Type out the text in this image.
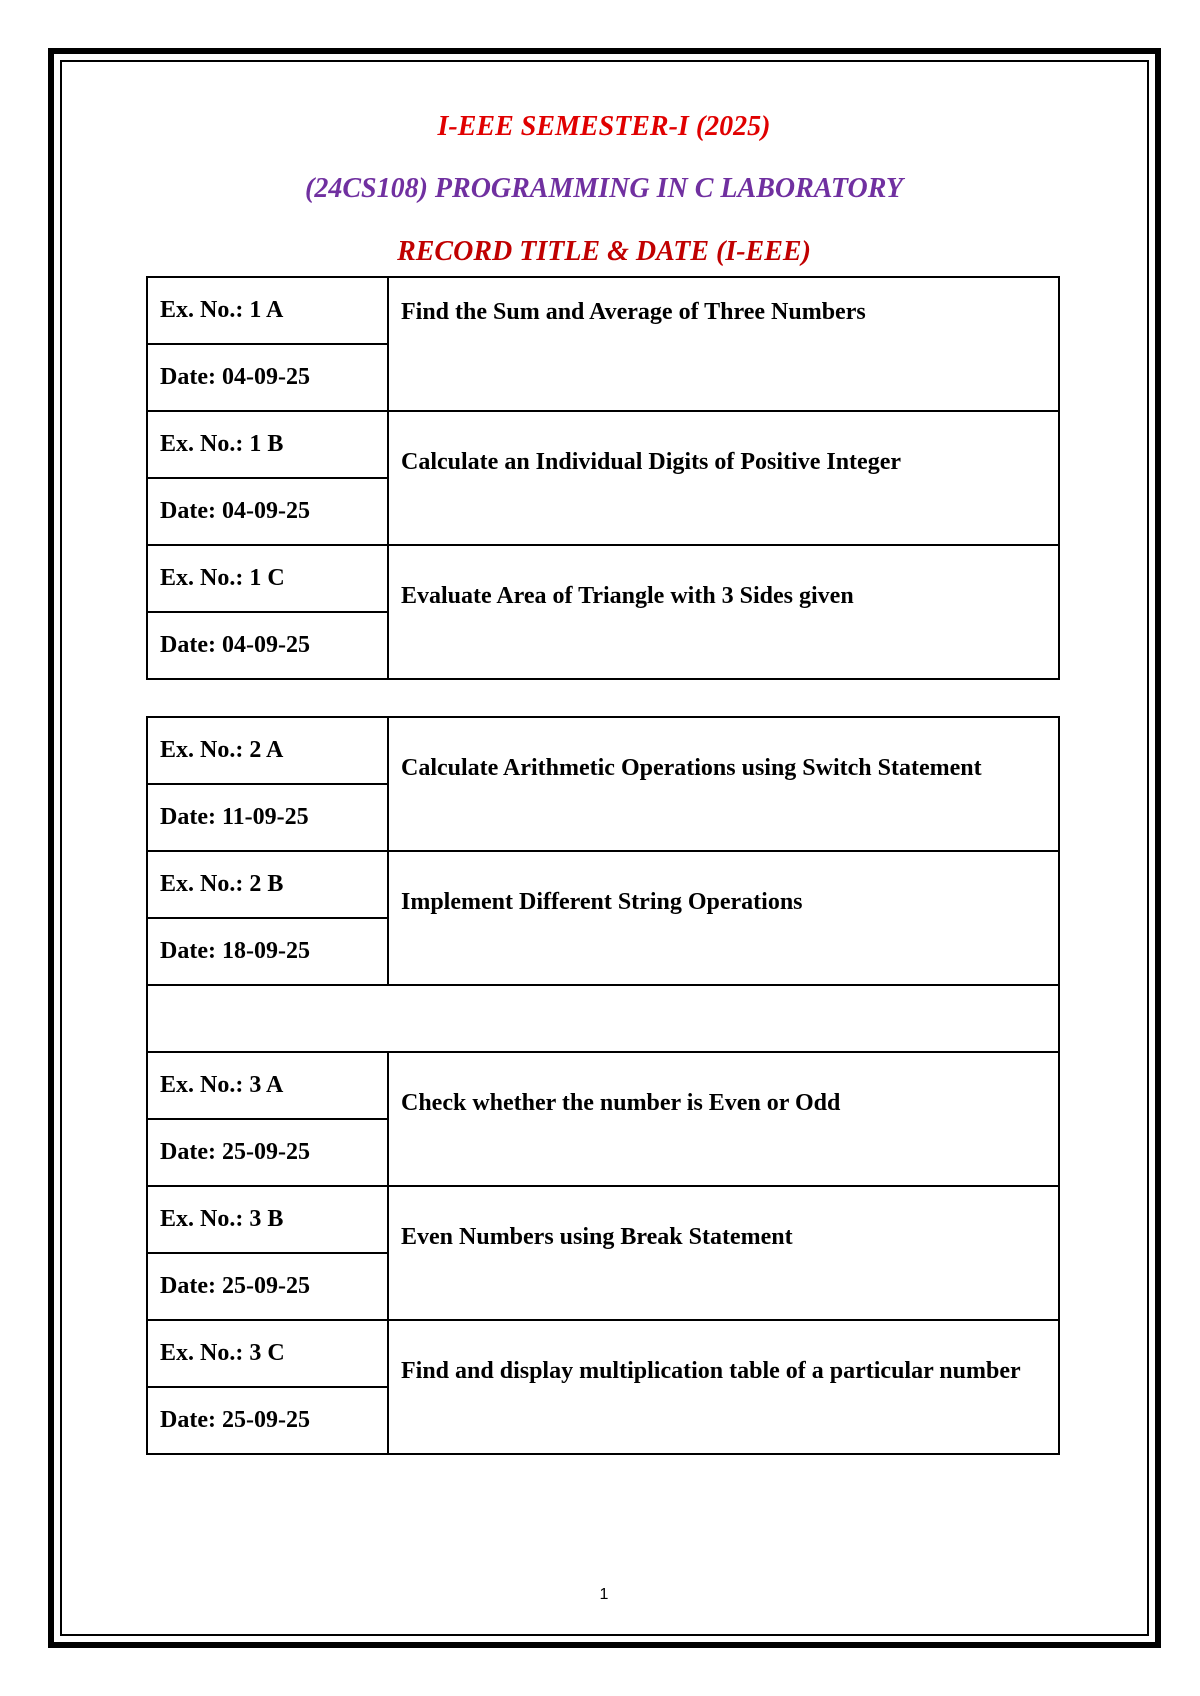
I-EEE SEMESTER-I (2025)
(24CS108) PROGRAMMING IN C LABORATORY
RECORD TITLE & DATE (I-EEE)
Ex. No.: 1 A	Find the Sum and Average of Three Numbers
Date: 04-09-25	
Ex. No.: 1 B	Calculate an Individual Digits of Positive Integer
Date: 04-09-25	
Ex. No.: 1 C	Evaluate Area of Triangle with 3 Sides given
Date: 04-09-25	
Ex. No.: 2 A	Calculate Arithmetic Operations using Switch Statement
Date: 11-09-25	
Ex. No.: 2 B	Implement Different String Operations
Date: 18-09-25	

Ex. No.: 3 A	Check whether the number is Even or Odd
Date: 25-09-25	
Ex. No.: 3 B	Even Numbers using Break Statement
Date: 25-09-25	
Ex. No.: 3 C	Find and display multiplication table of a particular number
Date: 25-09-25	
1
